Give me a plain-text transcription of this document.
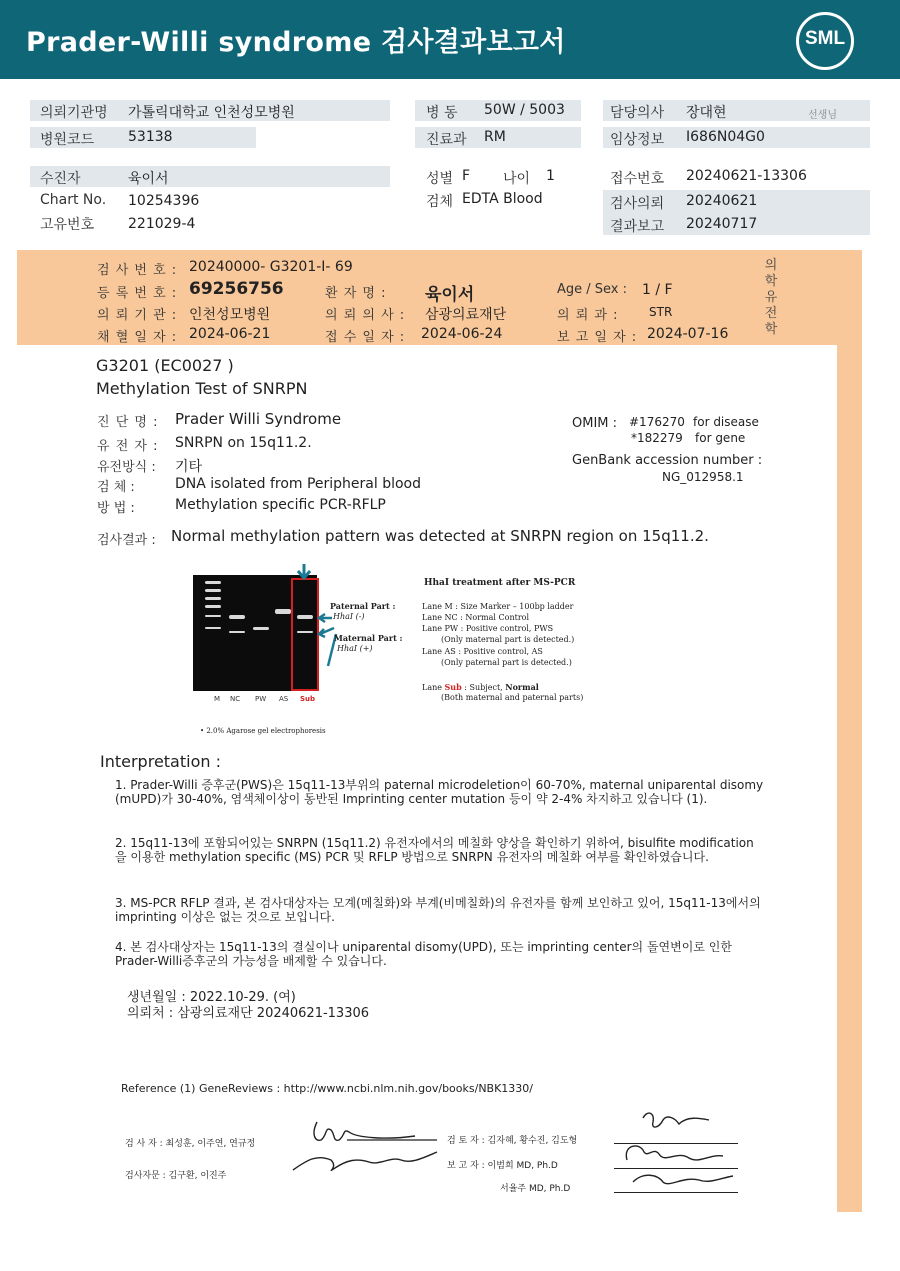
Prader-Willi syndrome 검사결과보고서	SML
의뢰기관명 가톨릭대학교 인천성모병원
병원코드 53138
병 동 50W / 5003
진료과 RM
담당의사 장대현	선생님
임상정보 I686N04G0
수진자	육이서
Chart No. 10254396
고유번호 221029-4
성별 F 나이 1
검체 EDTA Blood
접수번호 20240621-13306
검사의뢰 20240621
결과보고 20240717
의학유전학
검 사 번 호 : 20240000- G3201-I- 69
등 록 번 호 : 69256756	환 자 명 : 육이서	Age / Sex : 1 / F
의 뢰 기 관 : 인천성모병원	의 뢰 의 사 : 삼광의료재단	의 뢰 과 :	STR
채 혈 일 자 : 2024-06-21	접 수 일 자 : 2024-06-24	보 고 일 자 : 2024-07-16
G3201 (EC0027 )
Methylation Test of SNRPN
진 단 명 : Prader Willi Syndrome
유 전 자 : SNRPN on 15q11.2.
유전방식 : 기타
검 체 :	DNA isolated from Peripheral blood
방 법 :	Methylation specific PCR-RFLP
OMIM : #176270 for disease
*182279 for gene
GenBank accession number :
NG_012958.1
검사결과 : Normal methylation pattern was detected at SNRPN region on 15q11.2.
M NC PW AS Sub
Paternal Part :
HhaI (-)
Maternal Part :
HhaI (+)
HhaI treatment after MS-PCR
Lane M : Size Marker – 100bp ladder
Lane NC : Normal Control
Lane PW : Positive control, PWS
(Only maternal part is detected.)
Lane AS : Positive control, AS
(Only paternal part is detected.)
Lane Sub : Subject, Normal
(Both maternal and paternal parts)
• 2.0% Agarose gel electrophoresis
Interpretation :
1. Prader-Willi 증후군(PWS)은 15q11-13부위의 paternal microdeletion이 60-70%, maternal uniparental disomy (mUPD)가 30-40%, 염색체이상이 동반된 Imprinting center mutation 등이 약 2-4% 차지하고 있습니다 (1).
2. 15q11-13에 포함되어있는 SNRPN (15q11.2) 유전자에서의 메칠화 양상을 확인하기 위하여, bisulfite modification을 이용한 methylation specific (MS) PCR 및 RFLP 방법으로 SNRPN 유전자의 메칠화 여부를 확인하였습니다.
3. MS-PCR RFLP 결과, 본 검사대상자는 모계(메칠화)와 부계(비메칠화)의 유전자를 함께 보인하고 있어, 15q11-13에서의 imprinting 이상은 없는 것으로 보입니다.
4. 본 검사대상자는 15q11-13의 결실이나 uniparental disomy(UPD), 또는 imprinting center의 돌연변이로 인한 Prader-Willi증후군의 가능성을 배제할 수 있습니다.
생년월일 : 2022.10-29. (여)
의뢰처 : 삼광의료재단 20240621-13306
Reference (1) GeneReviews : http://www.ncbi.nlm.nih.gov/books/NBK1330/
검 사 자 : 최성훈, 이주연, 연규정
검사자문 : 김구환, 이진주
검 토 자 : 김자혜, 황수진, 김도형
보 고 자 : 이범희 MD, Ph.D
서율주 MD, Ph.D
